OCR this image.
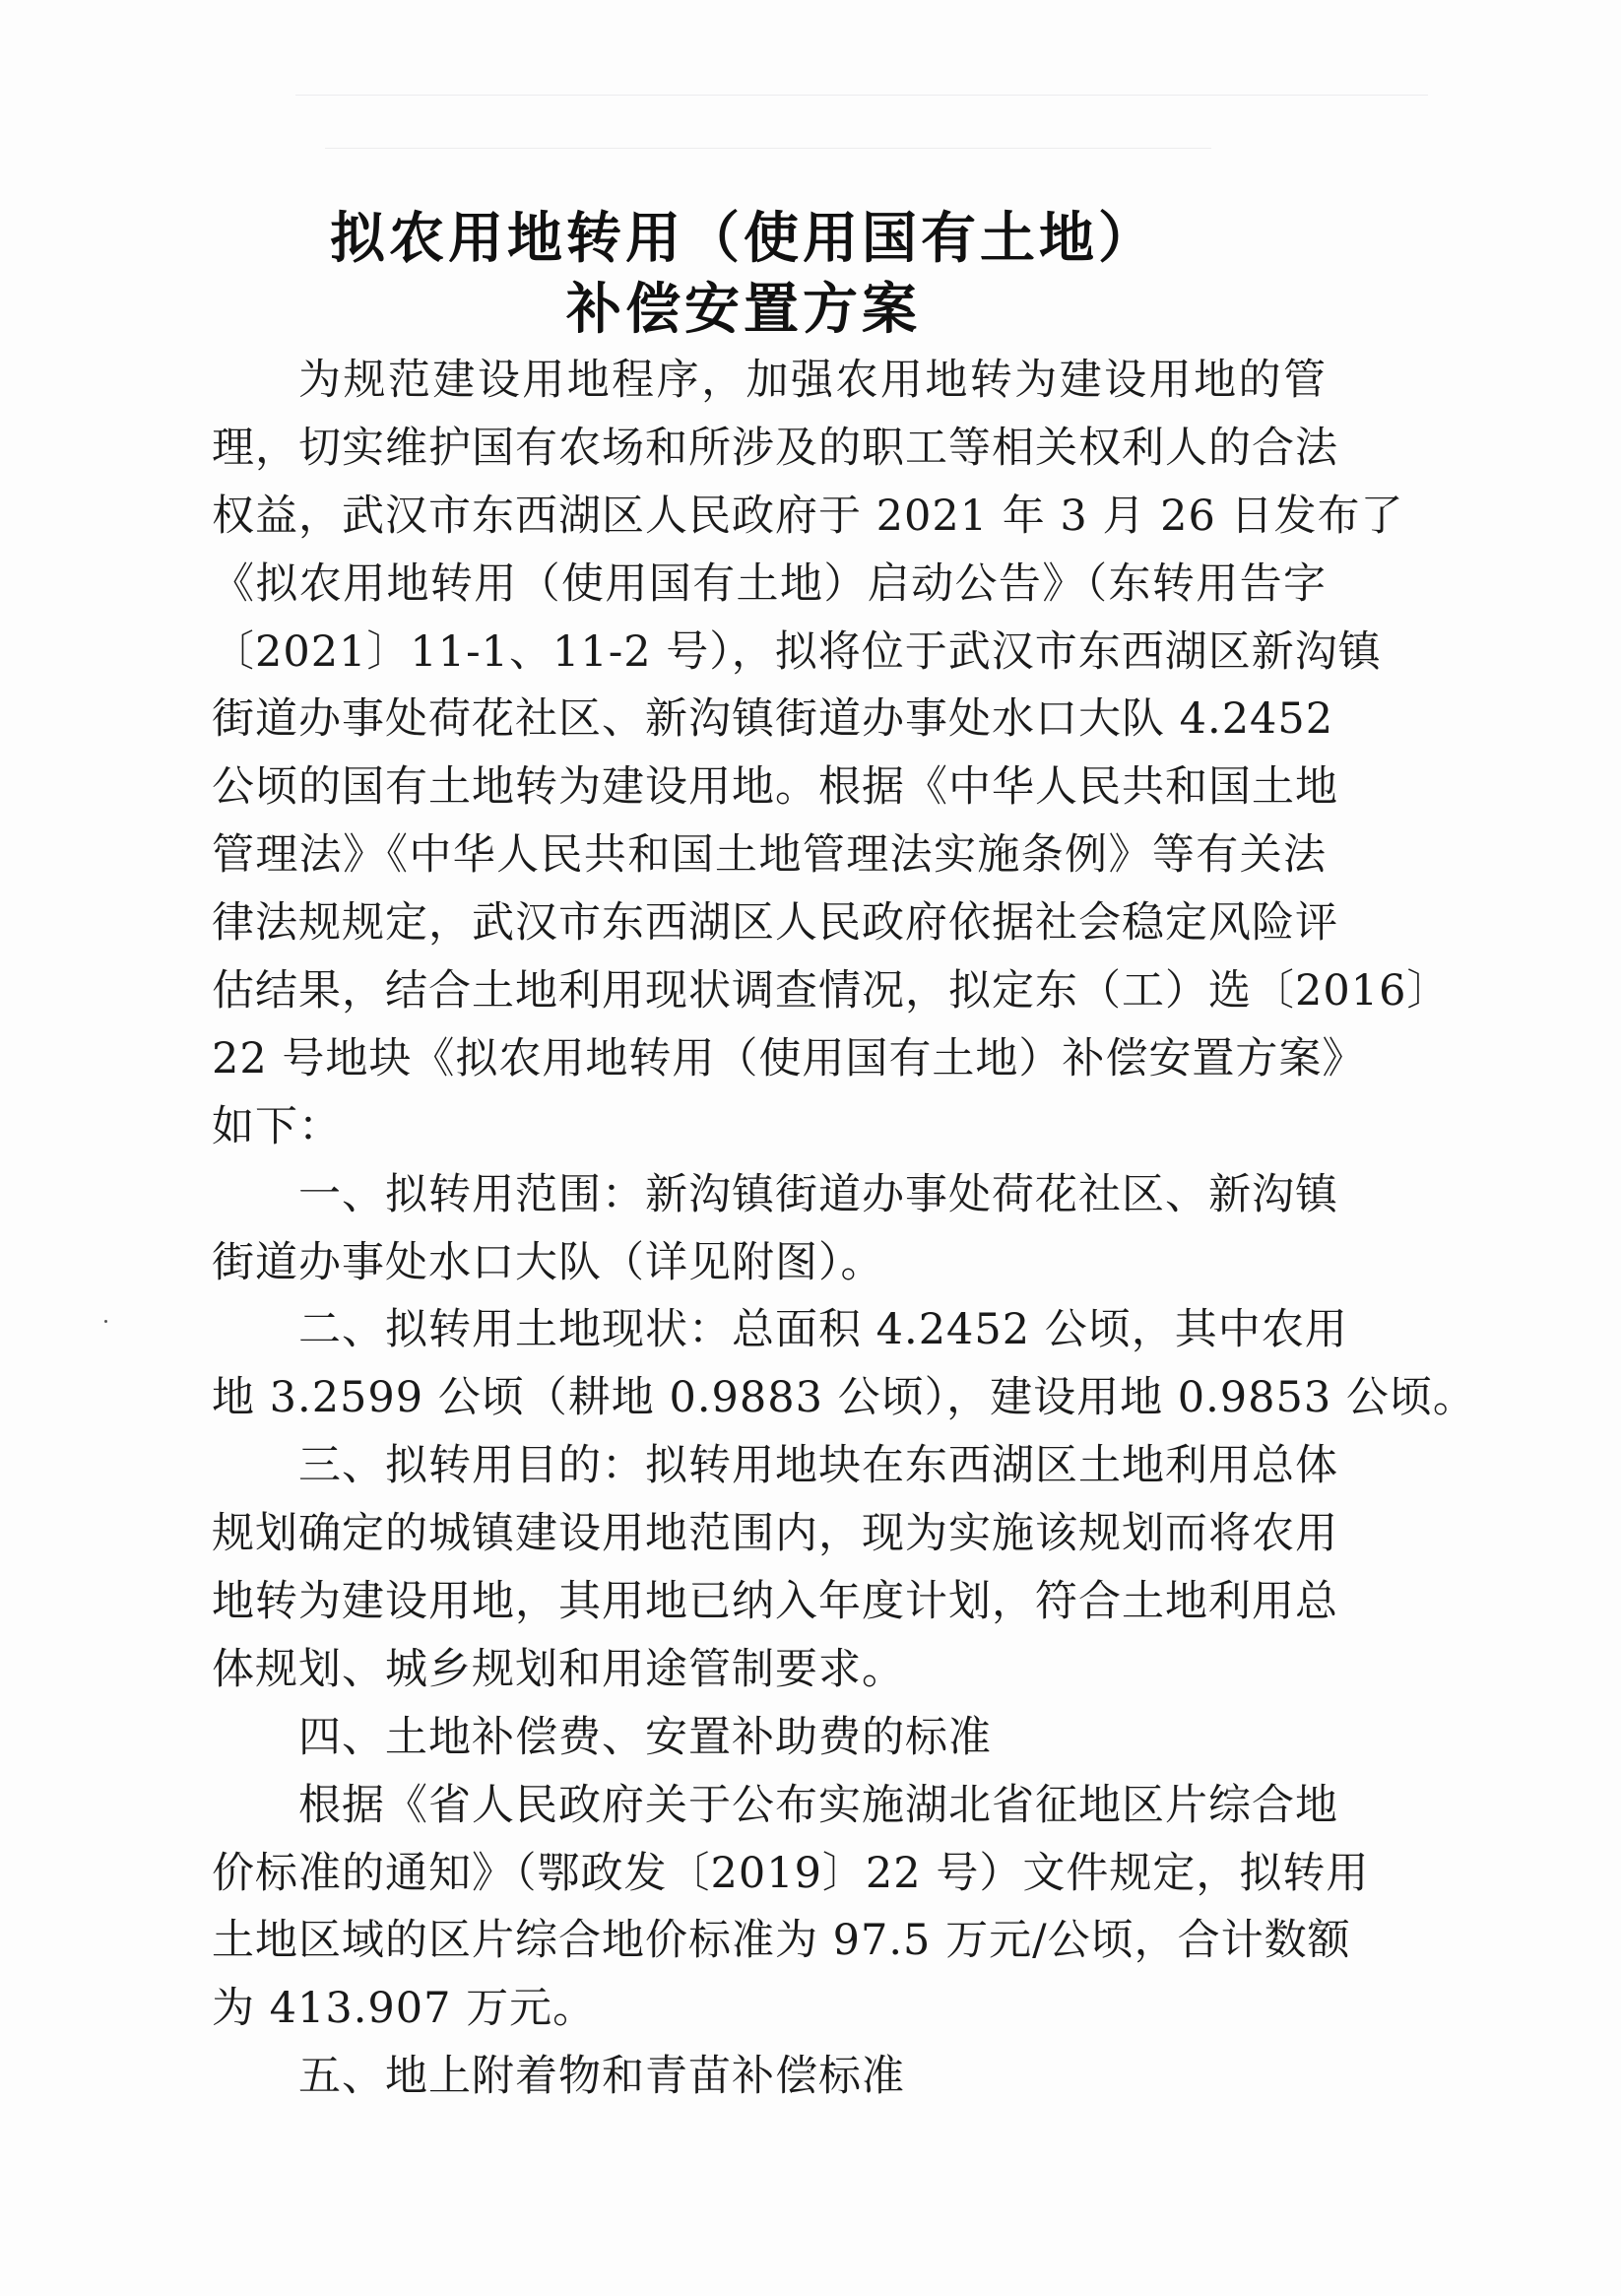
拟农用地转用（使用国有土地）
补偿安置方案
为规范建设用地程序，加强农用地转为建设用地的管
理，切实维护国有农场和所涉及的职工等相关权利人的合法
权益，武汉市东西湖区人民政府于 2021 年 3 月 26 日发布了
《拟农用地转用（使用国有土地）启动公告》（东转用告字
〔2021〕11-1、11-2 号），拟将位于武汉市东西湖区新沟镇
街道办事处荷花社区、新沟镇街道办事处水口大队 4.2452
公顷的国有土地转为建设用地。根据《中华人民共和国土地
管理法》《中华人民共和国土地管理法实施条例》等有关法
律法规规定，武汉市东西湖区人民政府依据社会稳定风险评
估结果，结合土地利用现状调查情况，拟定东（工）选〔2016〕
22 号地块《拟农用地转用（使用国有土地）补偿安置方案》
如下：
一、拟转用范围：新沟镇街道办事处荷花社区、新沟镇
街道办事处水口大队（详见附图）。
二、拟转用土地现状：总面积 4.2452 公顷，其中农用
地 3.2599 公顷（耕地 0.9883 公顷），建设用地 0.9853 公顷。
三、拟转用目的：拟转用地块在东西湖区土地利用总体
规划确定的城镇建设用地范围内，现为实施该规划而将农用
地转为建设用地，其用地已纳入年度计划，符合土地利用总
体规划、城乡规划和用途管制要求。
四、土地补偿费、安置补助费的标准
根据《省人民政府关于公布实施湖北省征地区片综合地
价标准的通知》（鄂政发〔2019〕22 号）文件规定，拟转用
土地区域的区片综合地价标准为 97.5 万元/公顷，合计数额
为 413.907 万元。
五、地上附着物和青苗补偿标准
